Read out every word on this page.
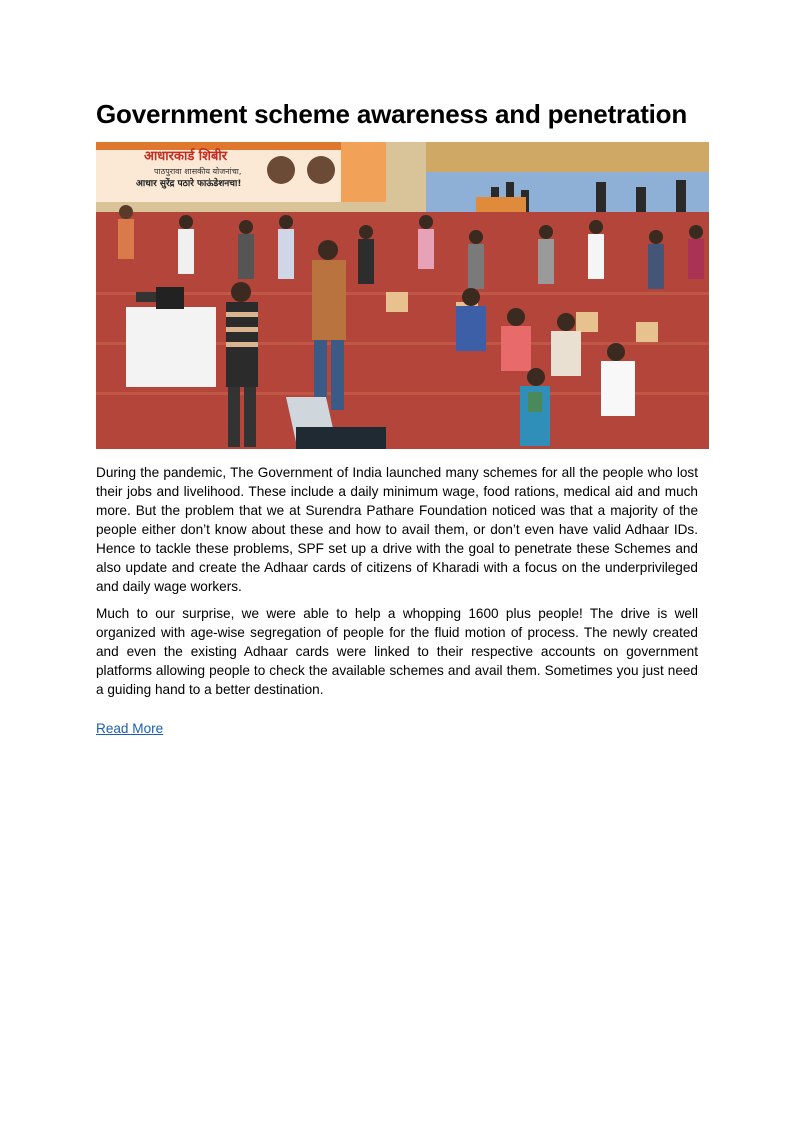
Government scheme awareness and penetration
आधारकार्ड शिबीर
पाठपुरावा शासकीय योजनांचा,
आधार सुरेंद्र पठारे फाऊंडेशनचा!

During the pandemic, The Government of India launched many schemes for all the people who lost their jobs and livelihood. These include a daily minimum wage, food rations, medical aid and much more. But the problem that we at Surendra Pathare Foundation noticed was that a majority of the people either don’t know about these and how to avail them, or don’t even have valid Adhaar IDs. Hence to tackle these problems, SPF set up a drive with the goal to penetrate these Schemes and also update and create the Adhaar cards of citizens of Kharadi with a focus on the underprivileged and daily wage workers.

Much to our surprise, we were able to help a whopping 1600 plus people! The drive is well organized with age-wise segregation of people for the fluid motion of process. The newly created and even the existing Adhaar cards were linked to their respective accounts on government platforms allowing people to check the available schemes and avail them. Sometimes you just need a guiding hand to a better destination.

Read More
